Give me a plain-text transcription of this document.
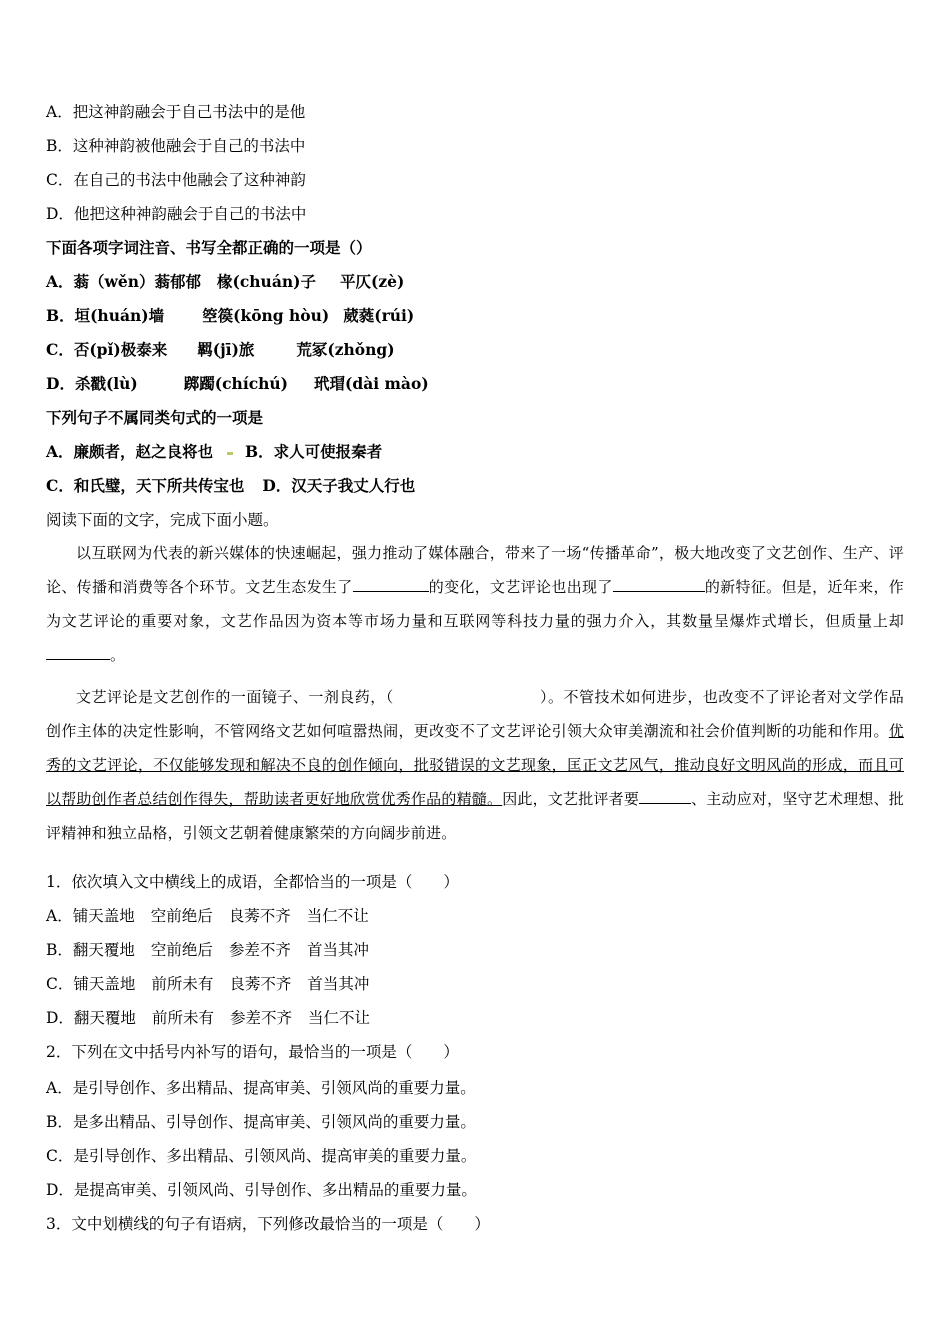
A．把这神韵融会于自己书法中的是他
B．这种神韵被他融会于自己的书法中
C．在自己的书法中他融会了这种神韵
D．他把这种神韵融会于自己的书法中
下面各项字词注音、书写全都正确的一项是（）
A．蓊（wěn）蓊郁郁 椽(chuán)子 平仄(zè)
B．垣(huán)墙 箜篌(kōng hòu) 葳蕤(rúi)
C．否(pǐ)极泰来 羁(jī)旅	荒冢(zhǒng)
D．杀戳(lù)	踯躅(chíchú) 玳瑁(dài mào)
下列句子不属同类句式的一项是
A．廉颇者，赵之良将也 B．求人可使报秦者
C．和氏璧，天下所共传宝也 D．汉天子我丈人行也
阅读下面的文字，完成下面小题。
以互联网为代表的新兴媒体的快速崛起，强力推动了媒体融合，带来了一场“传播革命”，极大地改变了文艺创作、生产、评论、传播和消费等各个环节。文艺生态发生了	的变化，文艺评论也出现了	的新特征。但是，近年来，作为文艺评论的重要对象，文艺作品因为资本等市场力量和互联网等科技力量的强力介入，其数量呈爆炸式增长，但质量上却。
文艺评论是文艺创作的一面镜子、一剂良药，（	）。不管技术如何进步，也改变不了评论者对文学作品创作主体的决定性影响，不管网络文艺如何喧嚣热闹，更改变不了文艺评论引领大众审美潮流和社会价值判断的功能和作用。优秀的文艺评论，不仅能够发现和解决不良的创作倾向，批驳错误的文艺现象，匡正文艺风气，推动良好文明风尚的形成，而且可以帮助创作者总结创作得失，帮助读者更好地欣赏优秀作品的精髓。因此，文艺批评者要	、主动应对，坚守艺术理想、批评精神和独立品格，引领文艺朝着健康繁荣的方向阔步前进。
1．依次填入文中横线上的成语，全都恰当的一项是（　　）
A．铺天盖地 空前绝后 良莠不齐 当仁不让
B．翻天覆地 空前绝后 参差不齐 首当其冲
C．铺天盖地 前所未有 良莠不齐 首当其冲
D．翻天覆地 前所未有 参差不齐 当仁不让
2．下列在文中括号内补写的语句，最恰当的一项是（　　）
A．是引导创作、多出精品、提高审美、引领风尚的重要力量。
B．是多出精品、引导创作、提高审美、引领风尚的重要力量。
C．是引导创作、多出精品、引领风尚、提高审美的重要力量。
D．是提高审美、引领风尚、引导创作、多出精品的重要力量。
3．文中划横线的句子有语病，下列修改最恰当的一项是（　　）
